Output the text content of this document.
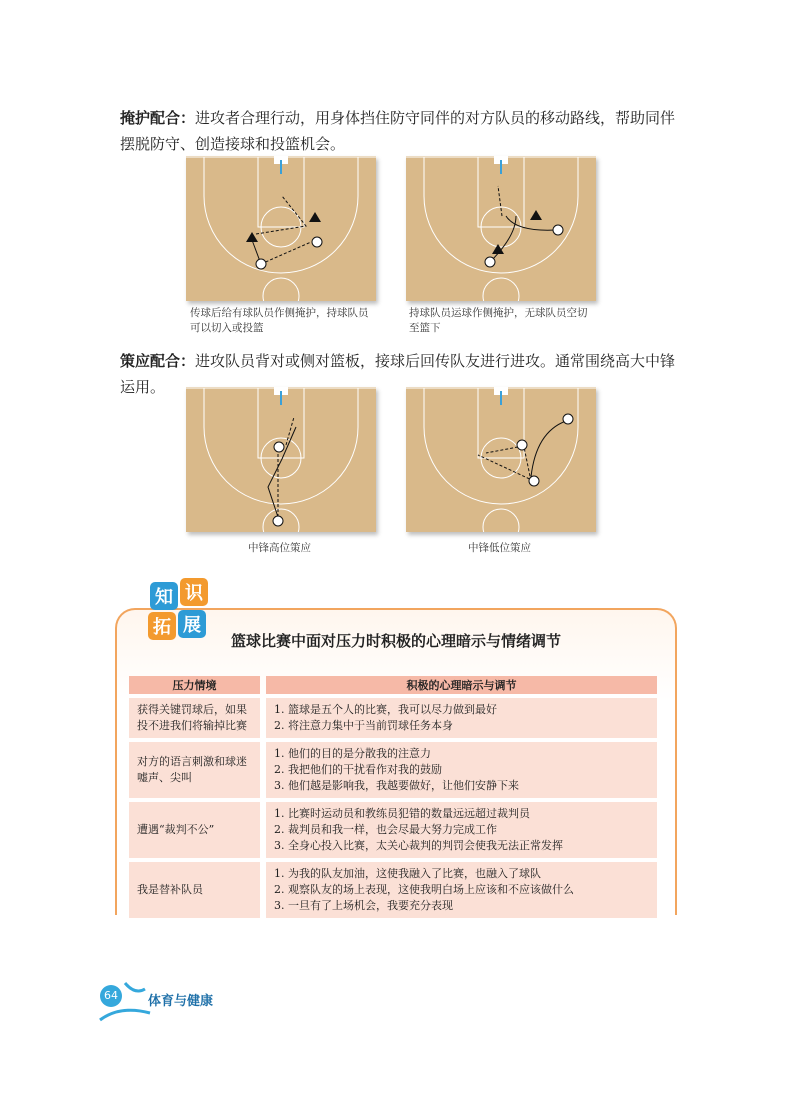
掩护配合：进攻者合理行动，用身体挡住防守同伴的对方队员的移动路线，帮助同伴摆脱防守、创造接球和投篮机会。
传球后给有球队员作侧掩护，持球队员可以切入或投篮
持球队员运球作侧掩护，无球队员空切至篮下
策应配合：进攻队员背对或侧对篮板，接球后回传队友进行进攻。通常围绕高大中锋运用。
中锋高位策应	中锋低位策应
篮球比赛中面对压力时积极的心理暗示与情绪调节
压力情境		积极的心理暗示与调节
获得关键罚球后，如果投不进我们将输掉比赛		1. 篮球是五个人的比赛，我可以尽力做到最好
2. 将注意力集中于当前罚球任务本身

对方的语言刺激和球迷嘘声、尖叫		1. 他们的目的是分散我的注意力
2. 我把他们的干扰看作对我的鼓励
3. 他们越是影响我，我越要做好，让他们安静下来

遭遇“裁判不公”		1. 比赛时运动员和教练员犯错的数量远远超过裁判员
2. 裁判员和我一样，也会尽最大努力完成工作
3. 全身心投入比赛，太关心裁判的判罚会使我无法正常发挥

我是替补队员		1. 为我的队友加油，这使我融入了比赛，也融入了球队
2. 观察队友的场上表现，这使我明白场上应该和不应该做什么
3. 一旦有了上场机会，我要充分表现
知 识
拓 展
64	体育与健康
